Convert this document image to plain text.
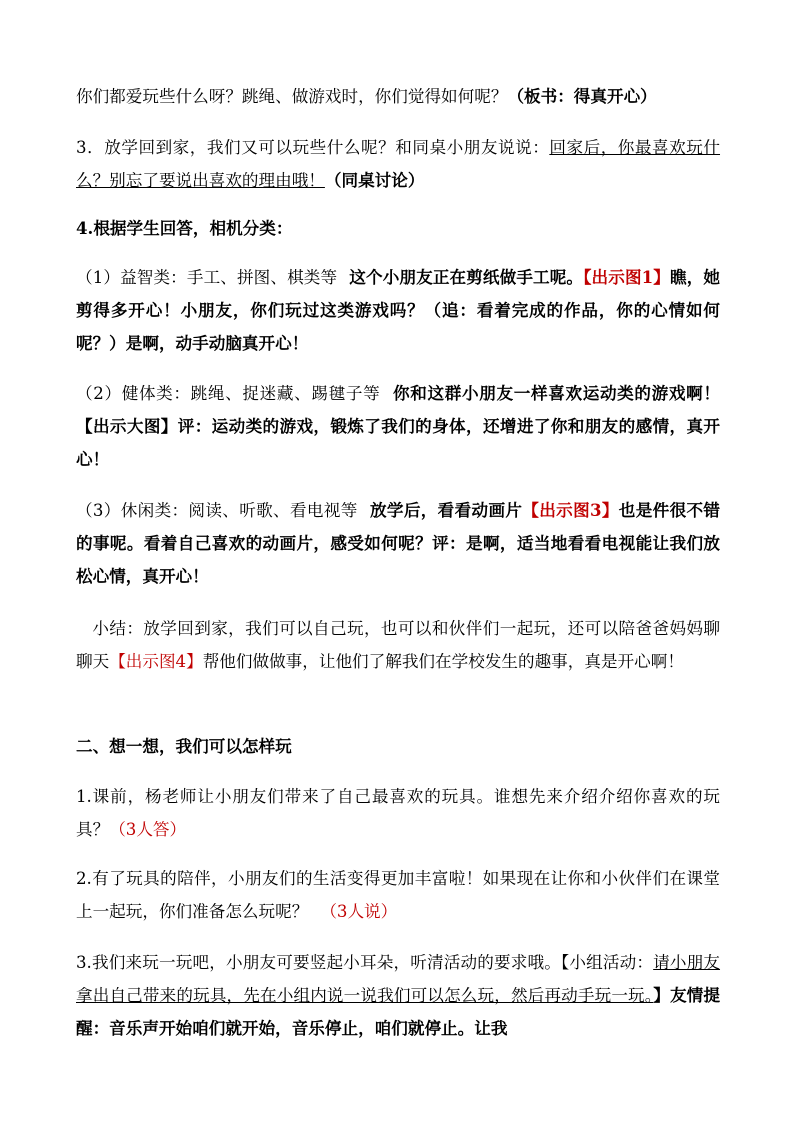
你们都爱玩些什么呀？跳绳、做游戏时，你们觉得如何呢？（板书：得真开心）

3．放学回到家，我们又可以玩些什么呢？和同桌小朋友说说：回家后，你最喜欢玩什么？别忘了要说出喜欢的理由哦！（同桌讨论）

4.根据学生回答，相机分类：

（1）益智类：手工、拼图、棋类等 这个小朋友正在剪纸做手工呢。【出示图1】瞧，她剪得多开心！小朋友，你们玩过这类游戏吗？（追：看着完成的作品，你的心情如何呢？）是啊，动手动脑真开心！

（2）健体类：跳绳、捉迷藏、踢毽子等 你和这群小朋友一样喜欢运动类的游戏啊！【出示大图】评：运动类的游戏，锻炼了我们的身体，还增进了你和朋友的感情，真开心！

（3）休闲类：阅读、听歌、看电视等 放学后，看看动画片【出示图3】也是件很不错的事呢。看着自己喜欢的动画片，感受如何呢？评：是啊，适当地看看电视能让我们放松心情，真开心！

小结：放学回到家，我们可以自己玩，也可以和伙伴们一起玩，还可以陪爸爸妈妈聊聊天【出示图4】帮他们做做事，让他们了解我们在学校发生的趣事，真是开心啊！

二、想一想，我们可以怎样玩

1.课前，杨老师让小朋友们带来了自己最喜欢的玩具。谁想先来介绍介绍你喜欢的玩具？（3人答）

2.有了玩具的陪伴，小朋友们的生活变得更加丰富啦！如果现在让你和小伙伴们在课堂上一起玩，你们准备怎么玩呢？ （3人说）

3.我们来玩一玩吧，小朋友可要竖起小耳朵，听清活动的要求哦。【小组活动：请小朋友拿出自己带来的玩具，先在小组内说一说我们可以怎么玩，然后再动手玩一玩。】友情提醒：音乐声开始咱们就开始，音乐停止，咱们就停止。让我
